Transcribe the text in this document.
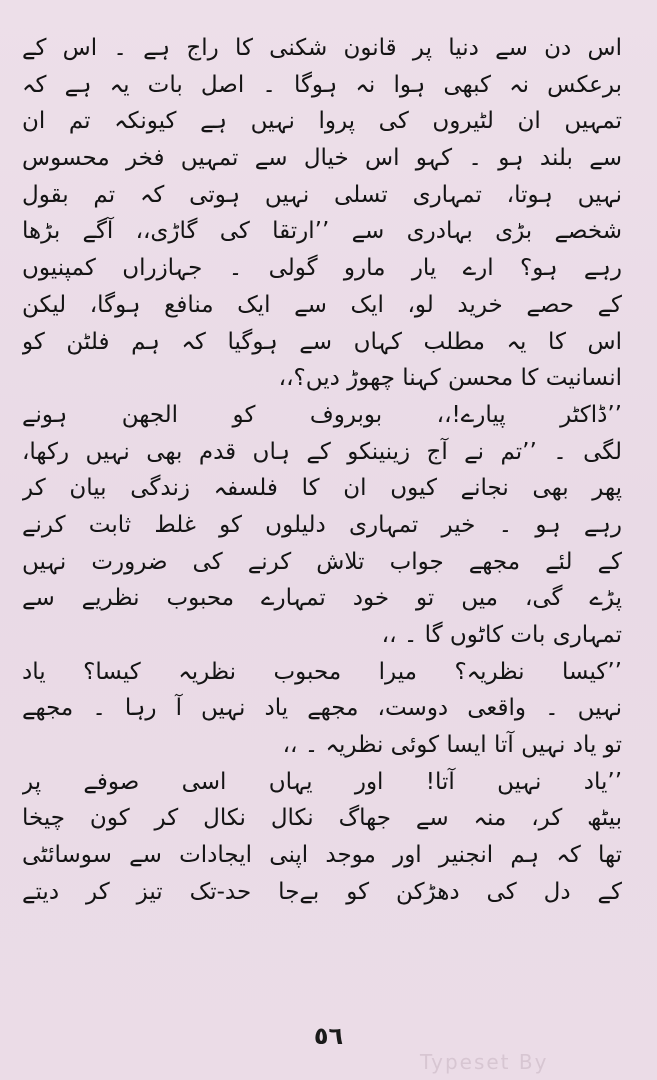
اس دن سے دنیا پر قانون شکنی کا راج ہے ۔ اس کے
برعکس نہ کبھی ہوا نہ ہوگا ۔ اصل بات یہ ہے کہ
تمہیں ان لٹیروں کی پروا نہیں ہے کیونکہ تم ان
سے بلند ہو ۔ کہو اس خیال سے تمہیں فخر محسوس
نہیں ہوتا، تمہاری تسلی نہیں ہوتی کہ تم بقول
شخصے بڑی بہادری سے ’’ارتقا کی گاڑی،، آگے بڑھا
رہے ہو؟ ارے یار مارو گولی ۔ جہازراں کمپنیوں
کے حصے خرید لو، ایک سے ایک منافع ہوگا، لیکن
اس کا یہ مطلب کہاں سے ہوگیا کہ ہم فلٹن کو
انسانیت کا محسن کہنا چھوڑ دیں؟،،
’’ڈاکٹر پیارے!،، بوبروف کو الجھن ہونے
لگی ۔ ’’تم نے آج زینینکو کے ہاں قدم بھی نہیں رکھا،
پھر بھی نجانے کیوں ان کا فلسفہ زندگی بیان کر
رہے ہو ۔ خیر تمہاری دلیلوں کو غلط ثابت کرنے
کے لئے مجھے جواب تلاش کرنے کی ضرورت نہیں
پڑے گی، میں تو خود تمہارے محبوب نظریے سے
تمہاری بات کاٹوں گا ۔ ،،
’’کیسا نظریہ؟ میرا محبوب نظریہ کیسا؟ یاد
نہیں ۔ واقعی دوست، مجھے یاد نہیں آ رہا ۔ مجھے
تو یاد نہیں آتا ایسا کوئی نظریہ ۔ ،،
’’یاد نہیں آتا! اور یہاں اسی صوفے پر
بیٹھ کر، منہ سے جھاگ نکال نکال کر کون چیخا
تھا کہ ہم انجنیر اور موجد اپنی ایجادات سے سوسائٹی
کے دل کی دھڑکن کو بےجا حد-تک تیز کر دیتے
٥٦
Typeset By
